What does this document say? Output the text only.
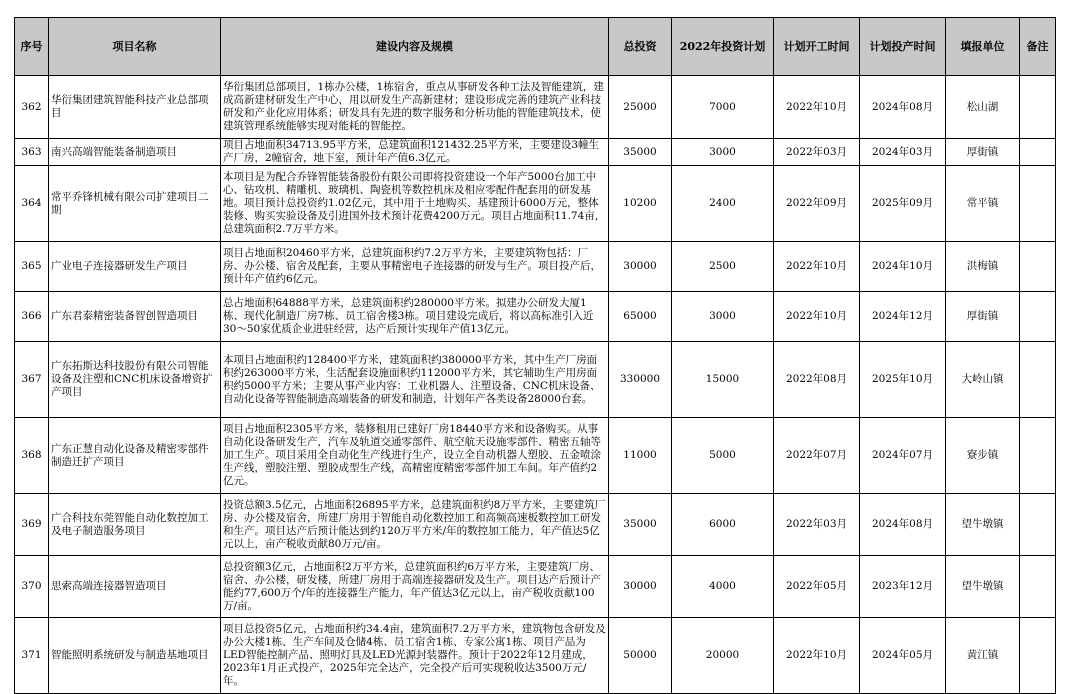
序号	项目名称	建设内容及规模	总投资	2022年投资计划	计划开工时间	计划投产时间	填报单位	备注
362	华衍集团建筑智能科技产业总部项目	华衍集团总部项目，1栋办公楼，1栋宿舍，重点从事研发各种工法及智能建筑，建成高新建材研发生产中心，用以研发生产高新建材；建设形成完善的建筑产业科技研发和产业化应用体系；研发具有先进的数字服务和分析功能的智能建筑技术，使建筑管理系统能够实现对能耗的智能控。	25000	7000	2022年10月	2024年08月	松山湖	
363	南兴高端智能装备制造项目	项目占地面积34713.95平方米，总建筑面积121432.25平方米，主要建设3幢生产厂房，2幢宿舍，地下室，预计年产值6.3亿元。	35000	3000	2022年03月	2024年03月	厚街镇	
364	常平乔锋机械有限公司扩建项目二期	本项目是为配合乔锋智能装备股份有限公司即将投资建设一个年产5000台加工中心、钻攻机、精雕机、玻璃机、陶瓷机等数控机床及相应零配件配套用的研发基地。项目预计总投资约1.02亿元，其中用于土地购买、基建预计6000万元，整体装修、购买实验设备及引进国外技术预计花费4200万元。项目占地面积11.74亩，总建筑面积2.7万平方米。	10200	2400	2022年09月	2025年09月	常平镇	
365	广业电子连接器研发生产项目	项目占地面积20460平方米，总建筑面积约7.2万平方米，主要建筑物包括：厂房、办公楼、宿舍及配套，主要从事精密电子连接器的研发与生产。项目投产后，预计年产值约6亿元。	30000	2500	2022年10月	2024年10月	洪梅镇	
366	广东君泰精密装备智创智造项目	总占地面积64888平方米，总建筑面积约280000平方米。拟建办公研发大厦1栋、现代化制造厂房7栋、员工宿舍楼3栋。项目建设完成后，将以高标准引入近30～50家优质企业进驻经营，达产后预计实现年产值13亿元。	65000	3000	2022年10月	2024年12月	厚街镇	
367	广东拓斯达科技股份有限公司智能设备及注塑和CNC机床设备增资扩产项目	本项目占地面积约128400平方米，建筑面积约380000平方米，其中生产厂房面积约263000平方米，生活配套设施面积约112000平方米，其它辅助生产用房面积约5000平方米；主要从事产业内容：工业机器人、注塑设备、CNC机床设备、自动化设备等智能制造高端装备的研发和制造，计划年产各类设备28000台套。	330000	15000	2022年08月	2025年10月	大岭山镇	
368	广东正慧自动化设备及精密零部件制造迁扩产项目	项目占地面积2305平方米，装修租用已建好厂房18440平方米和设备购买。从事自动化设备研发生产，汽车及轨道交通零部件、航空航天设施零部件、精密五轴等加工生产。项目采用全自动化生产线进行生产，设立全自动机器人塑胶、五金喷涂生产线，塑胶注塑、塑胶成型生产线，高精密度精密零部件加工车间。年产值约2亿元。	11000	5000	2022年07月	2024年07月	寮步镇	
369	广合科技东莞智能自动化数控加工及电子制造服务项目	投资总额3.5亿元，占地面积26895平方米，总建筑面积约8万平方米，主要建筑厂房、办公楼及宿舍，所建厂房用于智能自动化数控加工和高频高速板数控加工研发和生产。项目达产后预计能达到约120万平方米/年的数控加工能力，年产值达5亿元以上，亩产税收贡献80万元/亩。	35000	6000	2022年03月	2024年08月	望牛墩镇	
370	思索高端连接器智造项目	总投资额3亿元，占地面积2万平方米，总建筑面积约6万平方米，主要建筑厂房、宿舍、办公楼，研发楼，所建厂房用于高端连接器研发及生产。项目达产后预计产能约77,600万个/年的连接器生产能力，年产值达3亿元以上，亩产税收贡献100万/亩。	30000	4000	2022年05月	2023年12月	望牛墩镇	
371	智能照明系统研发与制造基地项目	项目总投资5亿元，占地面积约34.4亩，建筑面积7.2万平方米，建筑物包含研发及办公大楼1栋、生产车间及仓储4栋、员工宿舍1栋、专家公寓1栋、项目产品为LED智能控制产品、照明灯具及LED光源封装器件。预计于2022年12月建成，2023年1月正式投产，2025年完全达产，完全投产后可实现税收达3500万元/年。	50000	20000	2022年10月	2024年05月	黄江镇	
